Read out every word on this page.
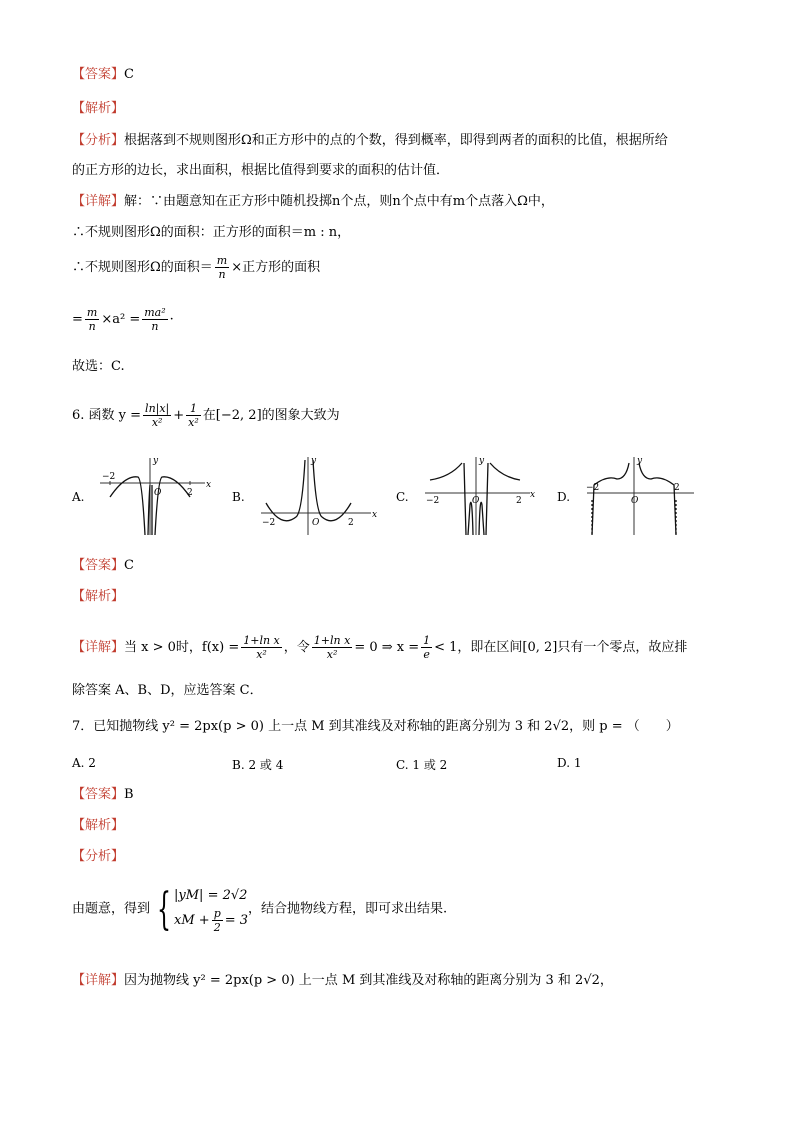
【答案】C
【解析】
【分析】根据落到不规则图形Ω和正方形中的点的个数，得到概率，即得到两者的面积的比值，根据所给
的正方形的边长，求出面积，根据比值得到要求的面积的估计值．
【详解】解：∵由题意知在正方形中随机投掷n个点，则n个点中有m个点落入Ω中，
∴不规则图形Ω的面积：正方形的面积＝m : n，
∴不规则图形Ω的面积＝ $\frac{m}{n}$ ×正方形的面积
= $\frac{m}{n} \times a^2 = \frac{\text{ma²}}{n}$ ·
故选：C.
6. 函数 $y = \frac{\ln|x|}{\text{x²}} + \frac{1}{\text{x²}}$ 在[−2, 2]的图象大致为
A.	B.	C.	D.
−2
O	2
x
y
−2	O	2
x
y
−2	O	2
x
y
−2
O
2
y
【答案】C
【解析】
【详解】当 x > 0时，$f(x) = \frac{\text{1+ln x}}{\text{x²}}$ ，令 $\frac{\text{1+ln x}}{\text{x²}} = 0$ ⇒ $x = \frac{1}{e} < 1$，即在区间[0, 2]只有一个零点，故应排
除答案 A、B、D，应选答案 C．
7．已知抛物线 y² = 2px(p > 0) 上一点 M 到其准线及对称轴的距离分别为 3 和 2√2，则 p = （　　）
A. 2	B. 2 或 4	C. 1 或 2	D. 1
【答案】B
【解析】
【分析】
由题意，得到 { |yM| = 2√2
xM + $\frac{p}{2} = 3$
，结合抛物线方程，即可求出结果.
【详解】因为抛物线 y² = 2px(p > 0) 上一点 M 到其准线及对称轴的距离分别为 3 和 2√2，
